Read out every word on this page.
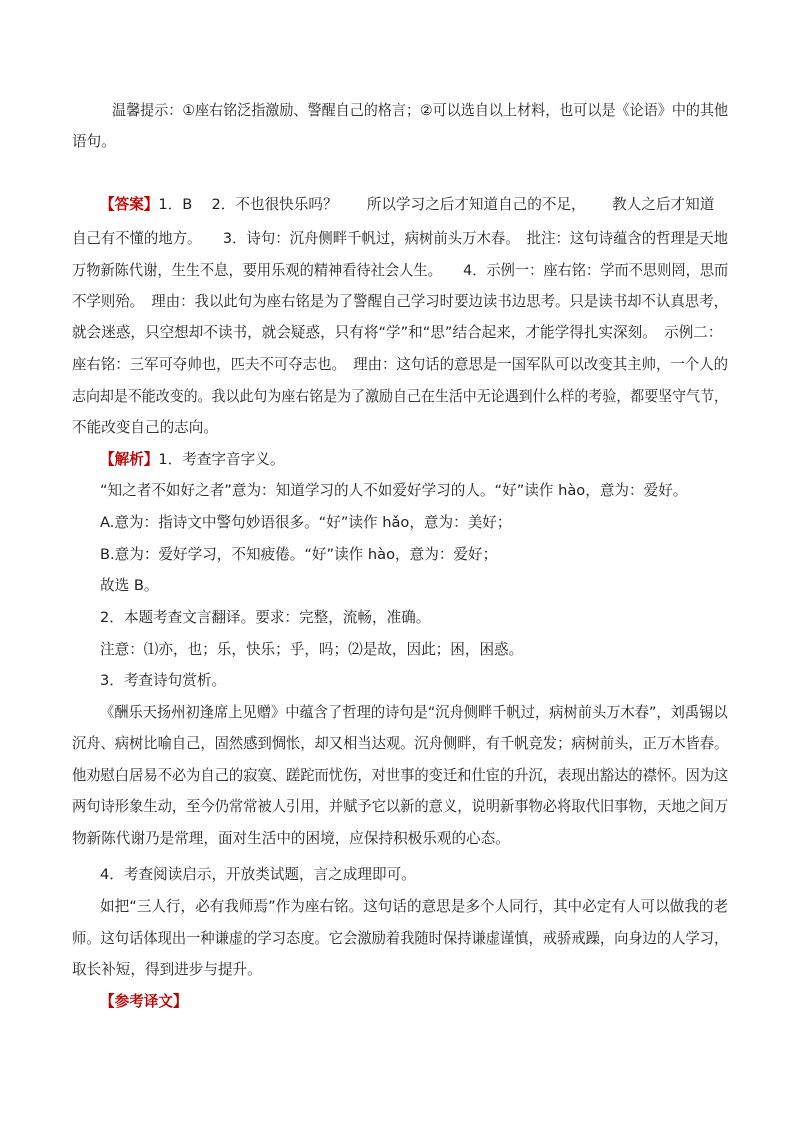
温馨提示：①座右铭泛指激励、警醒自己的格言；②可以选自以上材料，也可以是《论语》中的其他
语句。
【答案】1．B　 2．不也很快乐吗？　　所以学习之后才知道自己的不足，　　 教人之后才知道
自己有不懂的地方。　　3．诗句：沉舟侧畔千帆过，病树前头万木春。　批注：这句诗蕴含的哲理是天地
万物新陈代谢，生生不息，要用乐观的精神看待社会人生。　　4．示例一：座右铭：学而不思则罔，思而
不学则殆。　理由：我以此句为座右铭是为了警醒自己学习时要边读书边思考。只是读书却不认真思考，
就会迷惑，只空想却不读书，就会疑惑，只有将“学”和“思”结合起来，才能学得扎实深刻。　示例二：
座右铭：三军可夺帅也，匹夫不可夺志也。　理由：这句话的意思是一国军队可以改变其主帅，一个人的
志向却是不能改变的。我以此句为座右铭是为了激励自己在生活中无论遇到什么样的考验，都要坚守气节，
不能改变自己的志向。
【解析】1．考查字音字义。
“知之者不如好之者”意为：知道学习的人不如爱好学习的人。“好”读作 hào，意为：爱好。
A.意为：指诗文中警句妙语很多。“好”读作 hǎo，意为：美好；
B.意为：爱好学习，不知疲倦。“好”读作 hào，意为：爱好；
故选 B。
2．本题考查文言翻译。要求：完整，流畅，准确。
注意：⑴亦，也；乐，快乐；乎，吗；⑵是故，因此；困，困惑。
3．考查诗句赏析。
《酬乐天扬州初逢席上见赠》中蕴含了哲理的诗句是“沉舟侧畔千帆过，病树前头万木春”，刘禹锡以
沉舟、病树比喻自己，固然感到惆怅，却又相当达观。沉舟侧畔，有千帆竞发；病树前头，正万木皆春。
他劝慰白居易不必为自己的寂寞、蹉跎而忧伤，对世事的变迁和仕宦的升沉，表现出豁达的襟怀。因为这
两句诗形象生动，至今仍常常被人引用，并赋予它以新的意义，说明新事物必将取代旧事物，天地之间万
物新陈代谢乃是常理，面对生活中的困境，应保持积极乐观的心态。
4．考查阅读启示，开放类试题，言之成理即可。
如把“三人行，必有我师焉”作为座右铭。这句话的意思是多个人同行，其中必定有人可以做我的老
师。这句话体现出一种谦虚的学习态度。它会激励着我随时保持谦虚谨慎，戒骄戒躁，向身边的人学习，
取长补短，得到进步与提升。
【参考译文】
